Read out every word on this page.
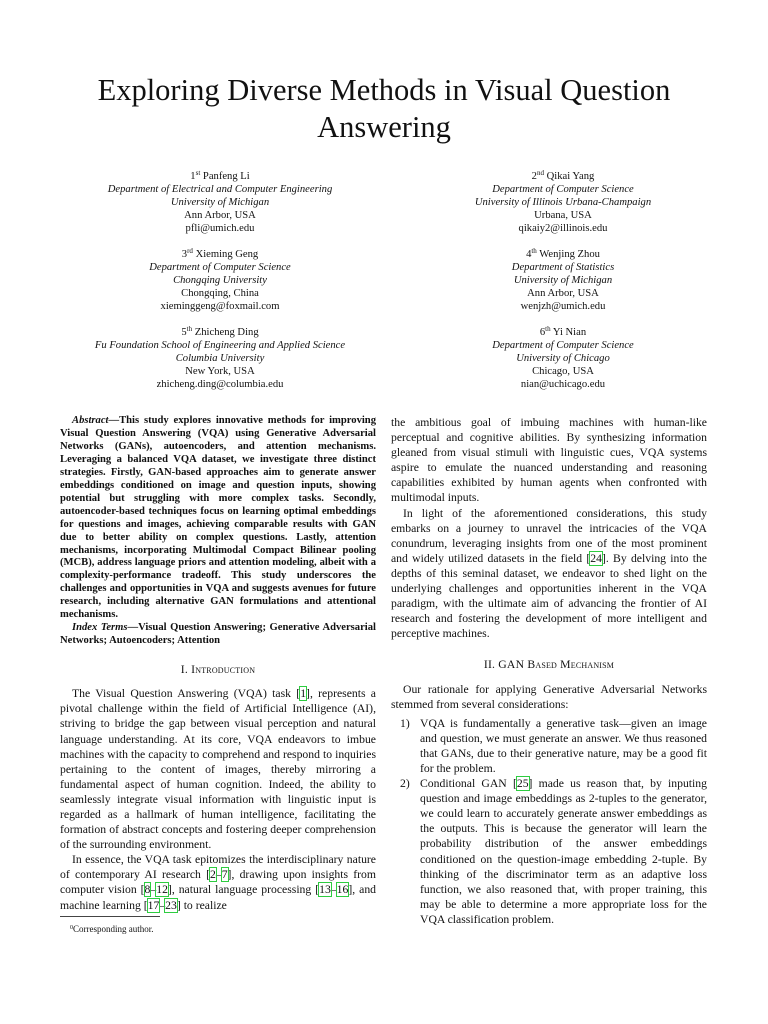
Exploring Diverse Methods in Visual Question
Answering
1st Panfeng Li
Department of Electrical and Computer Engineering
University of Michigan
Ann Arbor, USA
pfli@umich.edu
2nd Qikai Yang
Department of Computer Science
University of Illinois Urbana-Champaign
Urbana, USA
qikaiy2@illinois.edu
3rd Xieming Geng
Department of Computer Science
Chongqing University
Chongqing, China
xieminggeng@foxmail.com
4th Wenjing Zhou
Department of Statistics
University of Michigan
Ann Arbor, USA
wenjzh@umich.edu
5th Zhicheng Ding
Fu Foundation School of Engineering and Applied Science
Columbia University
New York, USA
zhicheng.ding@columbia.edu
6th Yi Nian
Department of Computer Science
University of Chicago
Chicago, USA
nian@uchicago.edu

Abstract—This study explores innovative methods for improving Visual Question Answering (VQA) using Generative Adversarial Networks (GANs), autoencoders, and attention mechanisms. Leveraging a balanced VQA dataset, we investigate three distinct strategies. Firstly, GAN-based approaches aim to generate answer embeddings conditioned on image and question inputs, showing potential but struggling with more complex tasks. Secondly, autoencoder-based techniques focus on learning optimal embeddings for questions and images, achieving comparable results with GAN due to better ability on complex questions. Lastly, attention mechanisms, incorporating Multimodal Compact Bilinear pooling (MCB), address language priors and attention modeling, albeit with a complexity-performance tradeoff. This study underscores the challenges and opportunities in VQA and suggests avenues for future research, including alternative GAN formulations and attentional mechanisms.

Index Terms—Visual Question Answering; Generative Adversarial Networks; Autoencoders; Attention

I. Introduction

The Visual Question Answering (VQA) task [1], represents a pivotal challenge within the field of Artificial Intelligence (AI), striving to bridge the gap between visual perception and natural language understanding. At its core, VQA endeavors to imbue machines with the capacity to comprehend and respond to inquiries pertaining to the content of images, thereby mirroring a fundamental aspect of human cognition. Indeed, the ability to seamlessly integrate visual information with linguistic input is regarded as a hallmark of human intelligence, facilitating the formation of abstract concepts and fostering deeper comprehension of the surrounding environment.

In essence, the VQA task epitomizes the interdisciplinary nature of contemporary AI research [2–7], drawing upon insights from computer vision [8–12], natural language processing [13–16], and machine learning [17–23] to realize

$^0$Corresponding author.

the ambitious goal of imbuing machines with human-like perceptual and cognitive abilities. By synthesizing information gleaned from visual stimuli with linguistic cues, VQA systems aspire to emulate the nuanced understanding and reasoning capabilities exhibited by human agents when confronted with multimodal inputs.

In light of the aforementioned considerations, this study embarks on a journey to unravel the intricacies of the VQA conundrum, leveraging insights from one of the most prominent and widely utilized datasets in the field [24]. By delving into the depths of this seminal dataset, we endeavor to shed light on the underlying challenges and opportunities inherent in the VQA paradigm, with the ultimate aim of advancing the frontier of AI research and fostering the development of more intelligent and perceptive machines.

II. GAN Based Mechanism

Our rationale for applying Generative Adversarial Networks stemmed from several considerations:

1) VQA is fundamentally a generative task—given an image and question, we must generate an answer. We thus reasoned that GANs, due to their generative nature, may be a good fit for the problem.
2) Conditional GAN [25] made us reason that, by inputing question and image embeddings as 2-tuples to the generator, we could learn to accurately generate answer embeddings as the outputs. This is because the generator will learn the probability distribution of the answer embeddings conditioned on the question-image embedding 2-tuple. By thinking of the discriminator term as an adaptive loss function, we also reasoned that, with proper training, this may be able to determine a more appropriate loss for the VQA classification problem.
